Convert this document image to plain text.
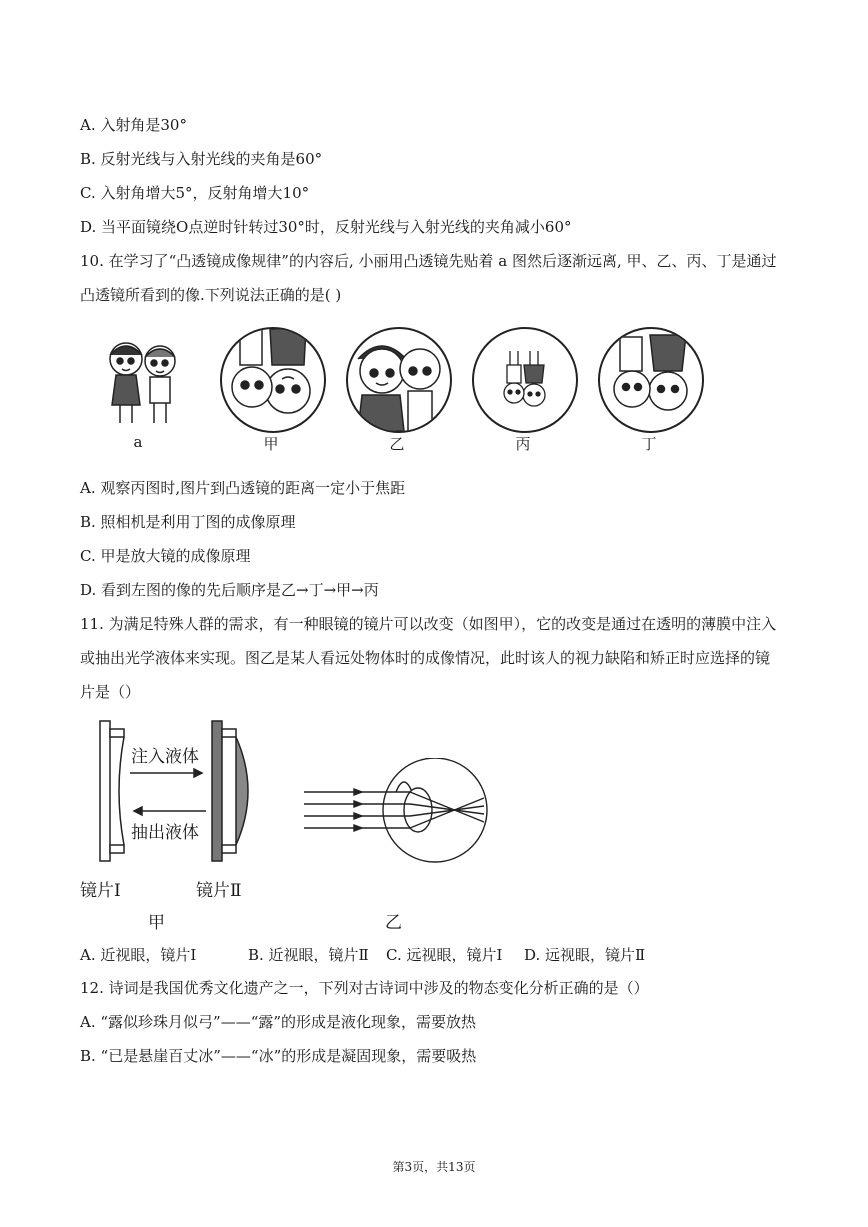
A. 入射角是30°
B. 反射光线与入射光线的夹角是60°
C. 入射角增大5°，反射角增大10°
D. 当平面镜绕O点逆时针转过30°时，反射光线与入射光线的夹角减小60°
10. 在学习了“凸透镜成像规律”的内容后, 小丽用凸透镜先贴着 a 图然后逐渐远离, 甲、乙、丙、丁是通过
凸透镜所看到的像.下列说法正确的是( )
a	甲	乙	丙	丁
A. 观察丙图时,图片到凸透镜的距离一定小于焦距
B. 照相机是利用丁图的成像原理
C. 甲是放大镜的成像原理
D. 看到左图的像的先后顺序是乙→丁→甲→丙
11. 为满足特殊人群的需求，有一种眼镜的镜片可以改变（如图甲），它的改变是通过在透明的薄膜中注入
或抽出光学液体来实现。图乙是某人看远处物体时的成像情况，此时该人的视力缺陷和矫正时应选择的镜
片是（）
注入液体
抽出液体
镜片Ⅰ	镜片Ⅱ
甲	乙
A. 近视眼，镜片Ⅰ	B. 近视眼，镜片Ⅱ C. 远视眼，镜片Ⅰ D. 远视眼，镜片Ⅱ
12. 诗词是我国优秀文化遗产之一，下列对古诗词中涉及的物态变化分析正确的是（）
A. “露似珍珠月似弓”——“露”的形成是液化现象，需要放热
B. “已是悬崖百丈冰”——“冰”的形成是凝固现象，需要吸热
第3页，共13页
